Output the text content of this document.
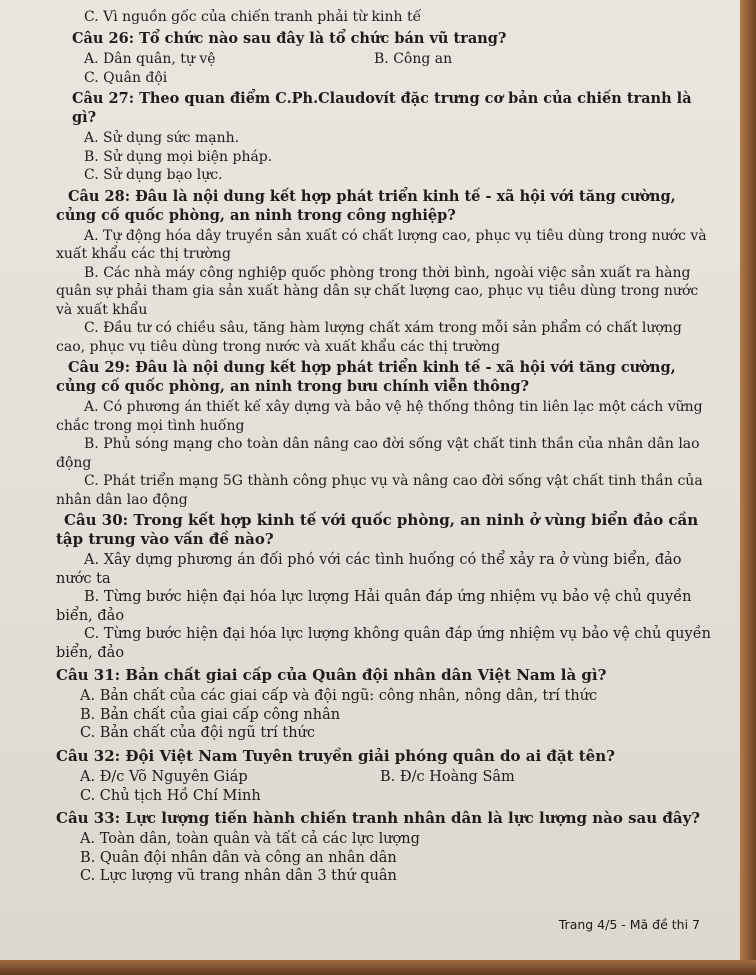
C. Vì nguồn gốc của chiến tranh phải từ kinh tế

Câu 26: Tổ chức nào sau đây là tổ chức bán vũ trang?

A. Dân quân, tự vệ	B. Công an

C. Quân đội

Câu 27: Theo quan điểm C.Ph.Claudovít đặc trưng cơ bản của chiến tranh là gì?

A. Sử dụng sức mạnh.

B. Sử dụng mọi biện pháp.

C. Sử dụng bạo lực.

Câu 28: Đâu là nội dung kết hợp phát triển kinh tế - xã hội với tăng cường, củng cố quốc phòng, an ninh trong công nghiệp?

A. Tự động hóa dây truyền sản xuất có chất lượng cao, phục vụ tiêu dùng trong nước và xuất khẩu các thị trường

B. Các nhà máy công nghiệp quốc phòng trong thời bình, ngoài việc sản xuất ra hàng quân sự phải tham gia sản xuất hàng dân sự chất lượng cao, phục vụ tiêu dùng trong nước và xuất khẩu

C. Đầu tư có chiều sâu, tăng hàm lượng chất xám trong mỗi sản phẩm có chất lượng cao, phục vụ tiêu dùng trong nước và xuất khẩu các thị trường

Câu 29: Đâu là nội dung kết hợp phát triển kinh tế - xã hội với tăng cường, củng cố quốc phòng, an ninh trong bưu chính viễn thông?

A. Có phương án thiết kế xây dựng và bảo vệ hệ thống thông tin liên lạc một cách vững chắc trong mọi tình huống

B. Phủ sóng mạng cho toàn dân nâng cao đời sống vật chất tinh thần của nhân dân lao động

C. Phát triển mạng 5G thành công phục vụ và nâng cao đời sống vật chất tinh thần của nhân dân lao động

Câu 30: Trong kết hợp kinh tế với quốc phòng, an ninh ở vùng biển đảo cần tập trung vào vấn đề nào?

A. Xây dựng phương án đối phó với các tình huống có thể xảy ra ở vùng biển, đảo nước ta

B. Từng bước hiện đại hóa lực lượng Hải quân đáp ứng nhiệm vụ bảo vệ chủ quyền biển, đảo

C. Từng bước hiện đại hóa lực lượng không quân đáp ứng nhiệm vụ bảo vệ chủ quyền biển, đảo

Câu 31: Bản chất giai cấp của Quân đội nhân dân Việt Nam là gì?

A. Bản chất của các giai cấp và đội ngũ: công nhân, nông dân, trí thức

B. Bản chất của giai cấp công nhân

C. Bản chất của đội ngũ trí thức

Câu 32: Đội Việt Nam Tuyên truyền giải phóng quân do ai đặt tên?

A. Đ/c Võ Nguyên Giáp	B. Đ/c Hoàng Sâm

C. Chủ tịch Hồ Chí Minh

Câu 33: Lực lượng tiến hành chiến tranh nhân dân là lực lượng nào sau đây?

A. Toàn dân, toàn quân và tất cả các lực lượng

B. Quân đội nhân dân và công an nhân dân

C. Lực lượng vũ trang nhân dân 3 thứ quân

Trang 4/5 - Mã đề thi 7
